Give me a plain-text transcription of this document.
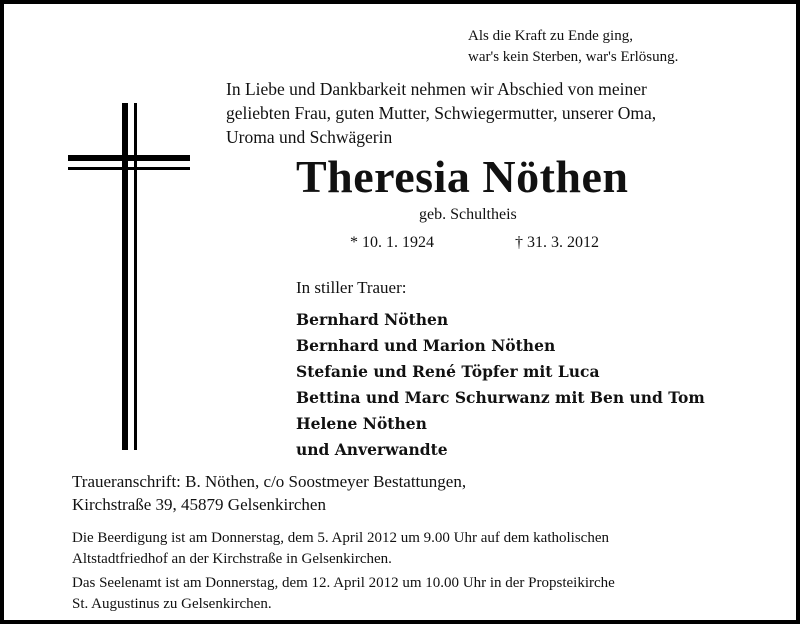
Als die Kraft zu Ende ging,
war's kein Sterben, war's Erlösung.
In Liebe und Dankbarkeit nehmen wir Abschied von meiner
geliebten Frau, guten Mutter, Schwiegermutter, unserer Oma,
Uroma und Schwägerin
Theresia Nöthen
geb. Schultheis
* 10. 1. 1924	† 31. 3. 2012
In stiller Trauer:
Bernhard Nöthen
Bernhard und Marion Nöthen
Stefanie und René Töpfer mit Luca
Bettina und Marc Schurwanz mit Ben und Tom
Helene Nöthen
und Anverwandte
Traueranschrift: B. Nöthen, c/o Soostmeyer Bestattungen,
Kirchstraße 39, 45879 Gelsenkirchen
Die Beerdigung ist am Donnerstag, dem 5. April 2012 um 9.00 Uhr auf dem katholischen
Altstadtfriedhof an der Kirchstraße in Gelsenkirchen.
Das Seelenamt ist am Donnerstag, dem 12. April 2012 um 10.00 Uhr in der Propsteikirche
St. Augustinus zu Gelsenkirchen.
